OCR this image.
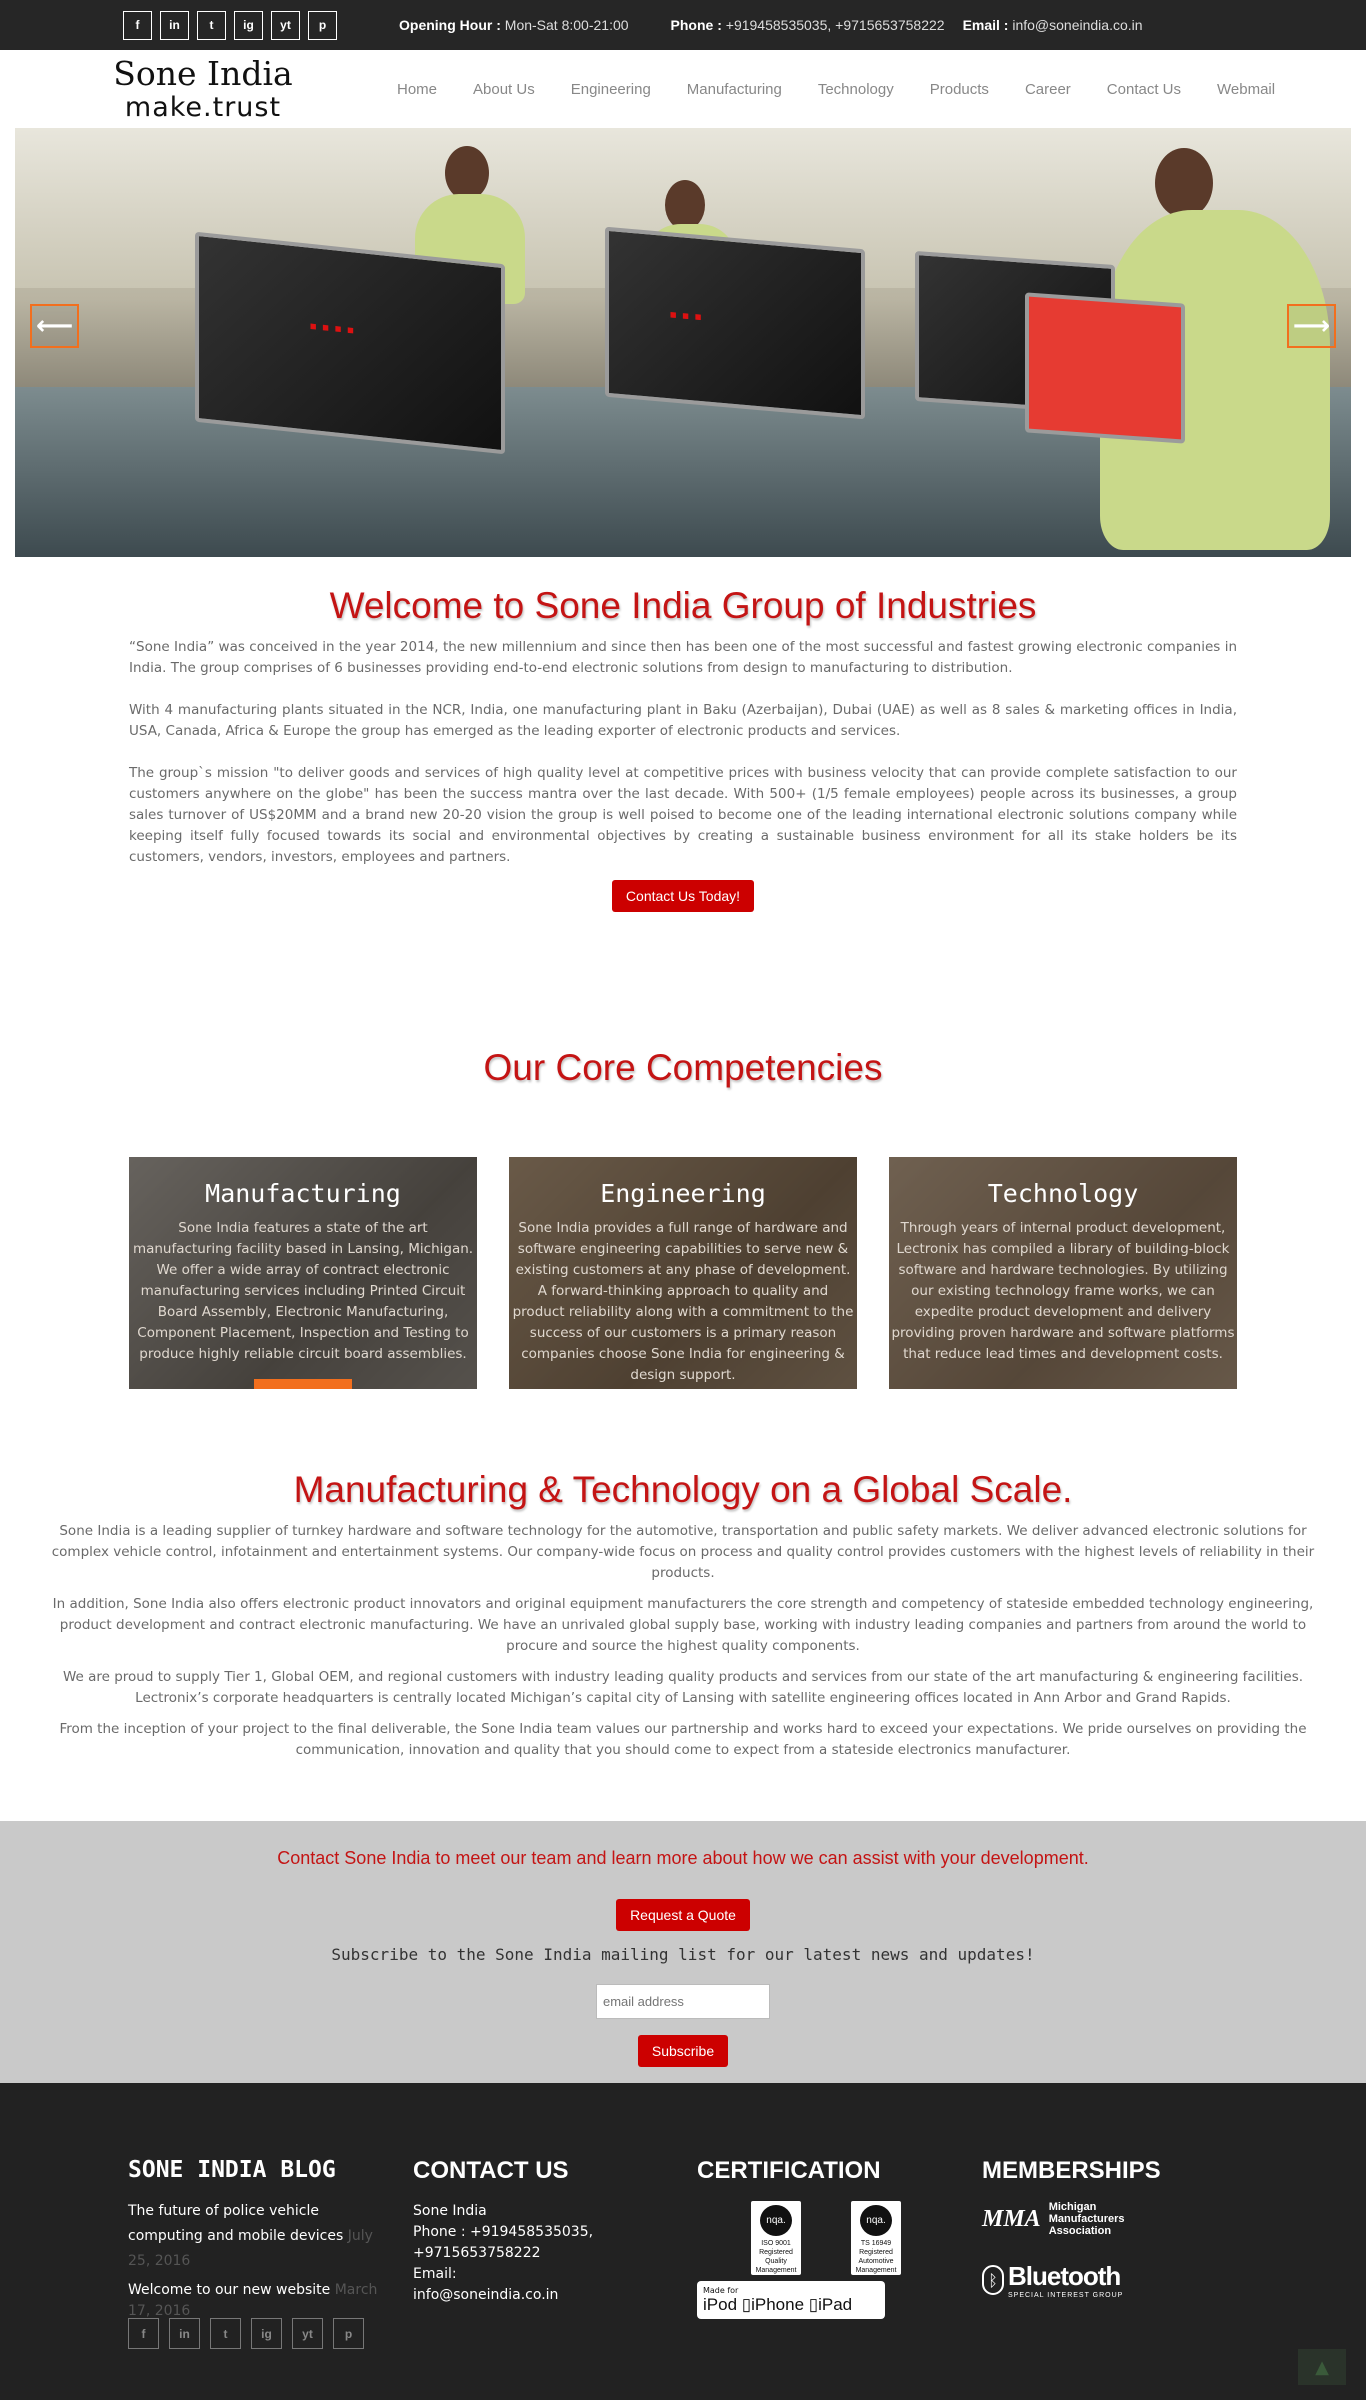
f	in	t	ig	yt	p	Opening Hour : Mon-Sat 8:00-21:00	Phone : +919458535035, +9715653758222 Email : info@soneindia.co.in
Sone India
make.trust
Home About Us Engineering Manufacturing Technology Products Career Contact Us Webmail
▪▪▪▪
▪▪▪
⟵	⟶
Welcome to Sone India Group of Industries

“Sone India” was conceived in the year 2014, the new millennium and since then has been one of the most successful and fastest growing electronic companies in India. The group comprises of 6 businesses providing end-to-end electronic solutions from design to manufacturing to distribution.

With 4 manufacturing plants situated in the NCR, India, one manufacturing plant in Baku (Azerbaijan), Dubai (UAE) as well as 8 sales & marketing offices in India, USA, Canada, Africa & Europe the group has emerged as the leading exporter of electronic products and services.

The group`s mission "to deliver goods and services of high quality level at competitive prices with business velocity that can provide complete satisfaction to our customers anywhere on the globe" has been the success mantra over the last decade. With 500+ (1/5 female employees) people across its businesses, a group sales turnover of US$20MM and a brand new 20-20 vision the group is well poised to become one of the leading international electronic solutions company while keeping itself fully focused towards its social and environmental objectives by creating a sustainable business environment for all its stake holders be its customers, vendors, investors, employees and partners.

Contact Us Today!
Our Core Competencies
Manufacturing
Sone India features a state of the art manufacturing facility based in Lansing, Michigan. We offer a wide array of contract electronic manufacturing services including Printed Circuit Board Assembly, Electronic Manufacturing, Component Placement, Inspection and Testing to produce highly reliable circuit board assemblies.
Engineering
Sone India provides a full range of hardware and software engineering capabilities to serve new & existing customers at any phase of development. A forward-thinking approach to quality and product reliability along with a commitment to the success of our customers is a primary reason companies choose Sone India for engineering & design support.
Technology
Through years of internal product development, Lectronix has compiled a library of building-block software and hardware technologies. By utilizing our existing technology frame works, we can expedite product development and delivery providing proven hardware and software platforms that reduce lead times and development costs.
Manufacturing & Technology on a Global Scale.

Sone India is a leading supplier of turnkey hardware and software technology for the automotive, transportation and public safety markets. We deliver advanced electronic solutions for complex vehicle control, infotainment and entertainment systems. Our company-wide focus on process and quality control provides customers with the highest levels of reliability in their products.

In addition, Sone India also offers electronic product innovators and original equipment manufacturers the core strength and competency of stateside embedded technology engineering, product development and contract electronic manufacturing. We have an unrivaled global supply base, working with industry leading companies and partners from around the world to procure and source the highest quality components.

We are proud to supply Tier 1, Global OEM, and regional customers with industry leading quality products and services from our state of the art manufacturing & engineering facilities. Lectronix’s corporate headquarters is centrally located Michigan’s capital city of Lansing with satellite engineering offices located in Ann Arbor and Grand Rapids.

From the inception of your project to the final deliverable, the Sone India team values our partnership and works hard to exceed your expectations. We pride ourselves on providing the communication, innovation and quality that you should come to expect from a stateside electronics manufacturer.

Contact Sone India to meet our team and learn more about how we can assist with your development.
Request a Quote
Subscribe to the Sone India mailing list for our latest news and updates!
email address
Subscribe
SONE INDIA BLOG
The future of police vehicle computing and mobile devices July 25, 2016
Welcome to our new website March 17, 2016
f	in	t	ig	yt	p
CONTACT US
Sone India
Phone : +919458535035, +9715653758222
Email:
info@soneindia.co.in
CERTIFICATION
nqa.
ISO 9001
Registered
Quality Management
nqa.
TS 16949
Registered
Automotive Management
Made for
iPod ▯iPhone ▯iPad
MEMBERSHIPS
MMA Michigan Manufacturers Association
ᛒ Bluetooth
SPECIAL INTEREST GROUP
▲
